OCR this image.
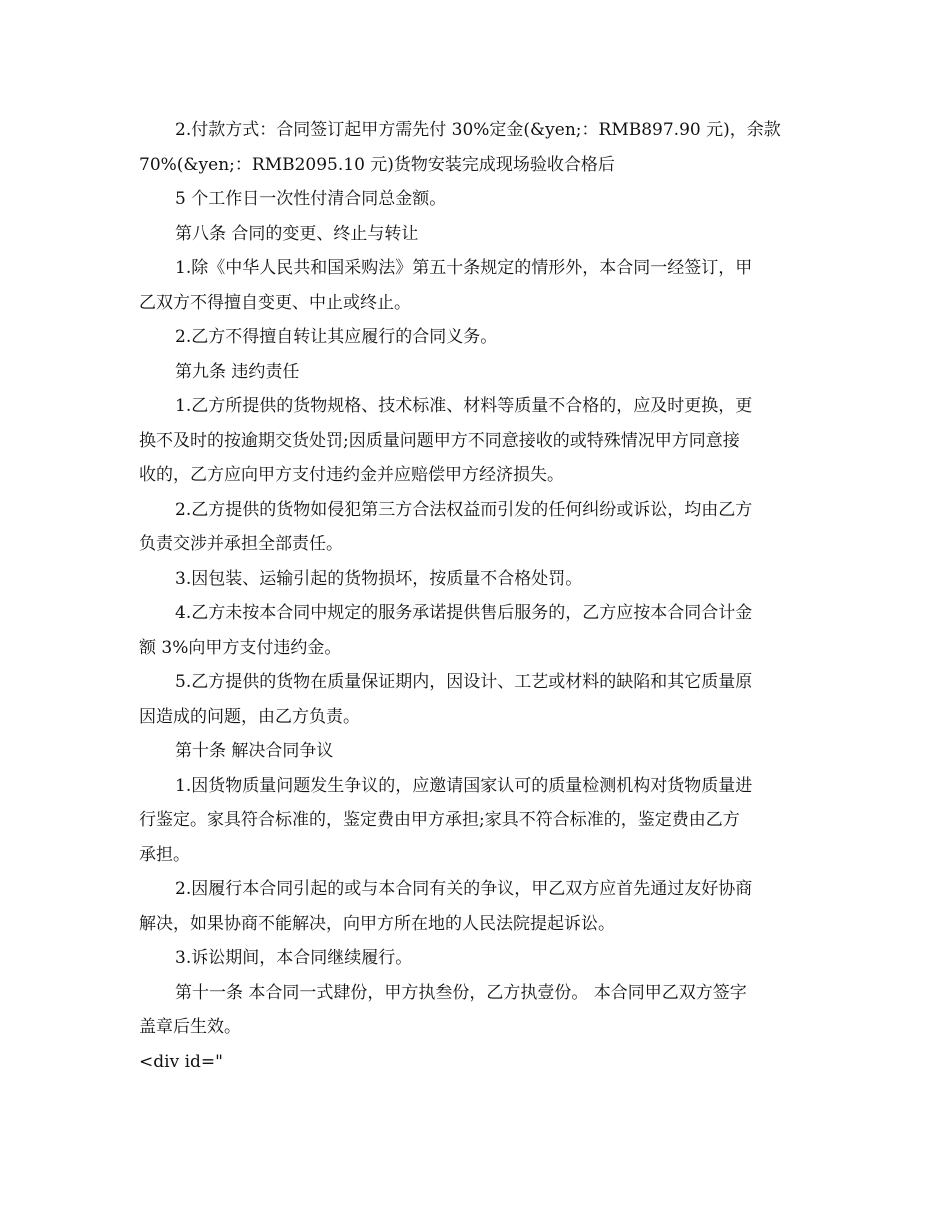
2.付款方式：合同签订起甲方需先付 30%定金(&yen;：RMB897.90 元)，余款
70%(&yen;：RMB2095.10 元)货物安装完成现场验收合格后
5 个工作日一次性付清合同总金额。
第八条 合同的变更、终止与转让
1.除《中华人民共和国采购法》第五十条规定的情形外，本合同一经签订，甲
乙双方不得擅自变更、中止或终止。
2.乙方不得擅自转让其应履行的合同义务。
第九条 违约责任
1.乙方所提供的货物规格、技术标准、材料等质量不合格的，应及时更换，更
换不及时的按逾期交货处罚;因质量问题甲方不同意接收的或特殊情况甲方同意接
收的，乙方应向甲方支付违约金并应赔偿甲方经济损失。
2.乙方提供的货物如侵犯第三方合法权益而引发的任何纠纷或诉讼，均由乙方
负责交涉并承担全部责任。
3.因包装、运输引起的货物损坏，按质量不合格处罚。
4.乙方未按本合同中规定的服务承诺提供售后服务的，乙方应按本合同合计金
额 3%向甲方支付违约金。
5.乙方提供的货物在质量保证期内，因设计、工艺或材料的缺陷和其它质量原
因造成的问题，由乙方负责。
第十条 解决合同争议
1.因货物质量问题发生争议的，应邀请国家认可的质量检测机构对货物质量进
行鉴定。家具符合标准的，鉴定费由甲方承担;家具不符合标准的，鉴定费由乙方
承担。
2.因履行本合同引起的或与本合同有关的争议，甲乙双方应首先通过友好协商
解决，如果协商不能解决，向甲方所在地的人民法院提起诉讼。
3.诉讼期间，本合同继续履行。
第十一条 本合同一式肆份，甲方执叁份，乙方执壹份。 本合同甲乙双方签字
盖章后生效。
<div id="
